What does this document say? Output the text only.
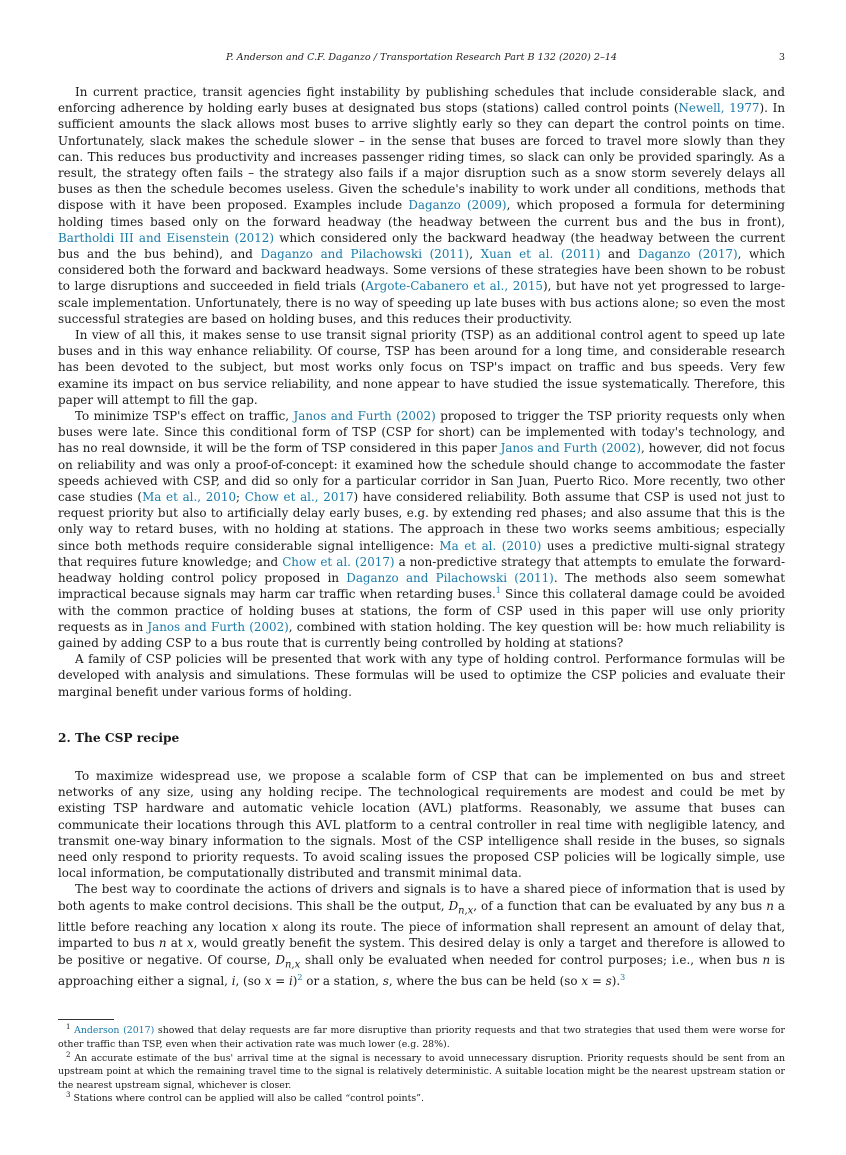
P. Anderson and C.F. Daganzo / Transportation Research Part B 132 (2020) 2–14	3

In current practice, transit agencies fight instability by publishing schedules that include considerable slack, and enforcing adherence by holding early buses at designated bus stops (stations) called control points (Newell, 1977). In sufficient amounts the slack allows most buses to arrive slightly early so they can depart the control points on time. Unfortunately, slack makes the schedule slower – in the sense that buses are forced to travel more slowly than they can. This reduces bus productivity and increases passenger riding times, so slack can only be provided sparingly. As a result, the strategy often fails – the strategy also fails if a major disruption such as a snow storm severely delays all buses as then the schedule becomes useless. Given the schedule's inability to work under all conditions, methods that dispose with it have been proposed. Examples include Daganzo (2009), which proposed a formula for determining holding times based only on the forward headway (the headway between the current bus and the bus in front), Bartholdi III and Eisenstein (2012) which considered only the backward headway (the headway between the current bus and the bus behind), and Daganzo and Pilachowski (2011), Xuan et al. (2011) and Daganzo (2017), which considered both the forward and backward headways. Some versions of these strategies have been shown to be robust to large disruptions and succeeded in field trials (Argote-Cabanero et al., 2015), but have not yet progressed to large-scale implementation. Unfortunately, there is no way of speeding up late buses with bus actions alone; so even the most successful strategies are based on holding buses, and this reduces their productivity.

In view of all this, it makes sense to use transit signal priority (TSP) as an additional control agent to speed up late buses and in this way enhance reliability. Of course, TSP has been around for a long time, and considerable research has been devoted to the subject, but most works only focus on TSP's impact on traffic and bus speeds. Very few examine its impact on bus service reliability, and none appear to have studied the issue systematically. Therefore, this paper will attempt to fill the gap.

To minimize TSP's effect on traffic, Janos and Furth (2002) proposed to trigger the TSP priority requests only when buses were late. Since this conditional form of TSP (CSP for short) can be implemented with today's technology, and has no real downside, it will be the form of TSP considered in this paper Janos and Furth (2002), however, did not focus on reliability and was only a proof-of-concept: it examined how the schedule should change to accommodate the faster speeds achieved with CSP, and did so only for a particular corridor in San Juan, Puerto Rico. More recently, two other case studies (Ma et al., 2010; Chow et al., 2017) have considered reliability. Both assume that CSP is used not just to request priority but also to artificially delay early buses, e.g. by extending red phases; and also assume that this is the only way to retard buses, with no holding at stations. The approach in these two works seems ambitious; especially since both methods require considerable signal intelligence: Ma et al. (2010) uses a predictive multi-signal strategy that requires future knowledge; and Chow et al. (2017) a non-predictive strategy that attempts to emulate the forward-headway holding control policy proposed in Daganzo and Pilachowski (2011). The methods also seem somewhat impractical because signals may harm car traffic when retarding buses.$^1$ Since this collateral damage could be avoided with the common practice of holding buses at stations, the form of CSP used in this paper will use only priority requests as in Janos and Furth (2002), combined with station holding. The key question will be: how much reliability is gained by adding CSP to a bus route that is currently being controlled by holding at stations?

A family of CSP policies will be presented that work with any type of holding control. Performance formulas will be developed with analysis and simulations. These formulas will be used to optimize the CSP policies and evaluate their marginal benefit under various forms of holding.

2. The CSP recipe

To maximize widespread use, we propose a scalable form of CSP that can be implemented on bus and street networks of any size, using any holding recipe. The technological requirements are modest and could be met by existing TSP hardware and automatic vehicle location (AVL) platforms. Reasonably, we assume that buses can communicate their locations through this AVL platform to a central controller in real time with negligible latency, and transmit one-way binary information to the signals. Most of the CSP intelligence shall reside in the buses, so signals need only respond to priority requests. To avoid scaling issues the proposed CSP policies will be logically simple, use local information, be computationally distributed and transmit minimal data.

The best way to coordinate the actions of drivers and signals is to have a shared piece of information that is used by both agents to make control decisions. This shall be the output, $D_{n,x}$, of a function that can be evaluated by any bus n a little before reaching any location x along its route. The piece of information shall represent an amount of delay that, imparted to bus n at x, would greatly benefit the system. This desired delay is only a target and therefore is allowed to be positive or negative. Of course, $D_{n,x}$ shall only be evaluated when needed for control purposes; i.e., when bus n is approaching either a signal, i, (so x = i)$^2$ or a station, s, where the bus can be held (so x = s).$^3$

$^1$ Anderson (2017) showed that delay requests are far more disruptive than priority requests and that two strategies that used them were worse for other traffic than TSP, even when their activation rate was much lower (e.g. 28%).

$^2$ An accurate estimate of the bus' arrival time at the signal is necessary to avoid unnecessary disruption. Priority requests should be sent from an upstream point at which the remaining travel time to the signal is relatively deterministic. A suitable location might be the nearest upstream station or the nearest upstream signal, whichever is closer.

$^3$ Stations where control can be applied will also be called “control points”.
